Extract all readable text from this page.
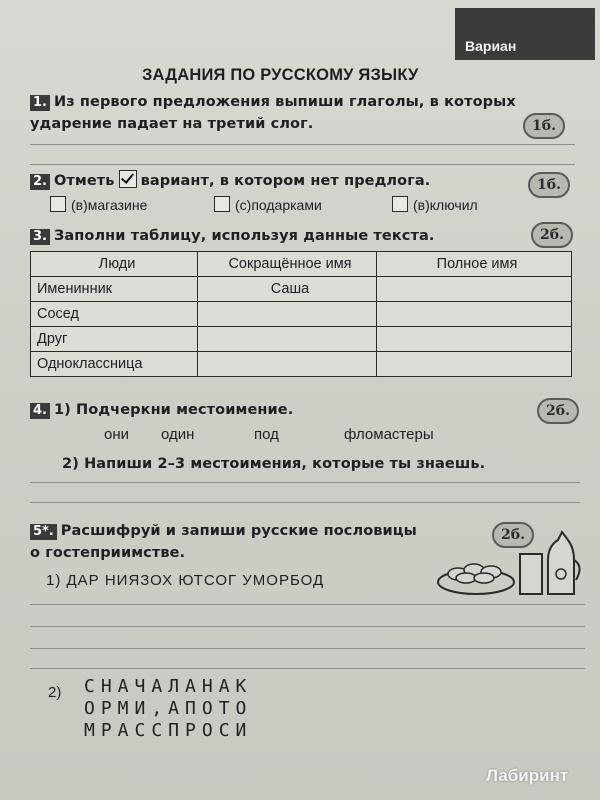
Вариан
ЗАДАНИЯ ПО РУССКОМУ ЯЗЫКУ
1. Из первого предложения выпиши глаголы, в которых
ударение падает на третий слог.	1б.
2. Отметь вариант, в котором нет предлога.	1б.
(в)магазине	(с)подарками	(в)ключил
3. Заполни таблицу, используя данные текста.	2б.
Люди	Сокращённое имя	Полное имя
Именинник	Саша	
Сосед		
Друг		
Одноклассница		
4. 1) Подчеркни местоимение.	2б.
они один	под	фломастеры
2) Напиши 2–3 местоимения, которые ты знаешь.
5*. Расшифруй и запиши русские пословицы
о гостеприимстве.
2б.
1) ДАР НИЯЗОХ ЮТСОГ УМОРБОД
2) СНАЧАЛАНАК
ОРМИ,АПОТО
МРАССПРОСИ
Лабиринт
